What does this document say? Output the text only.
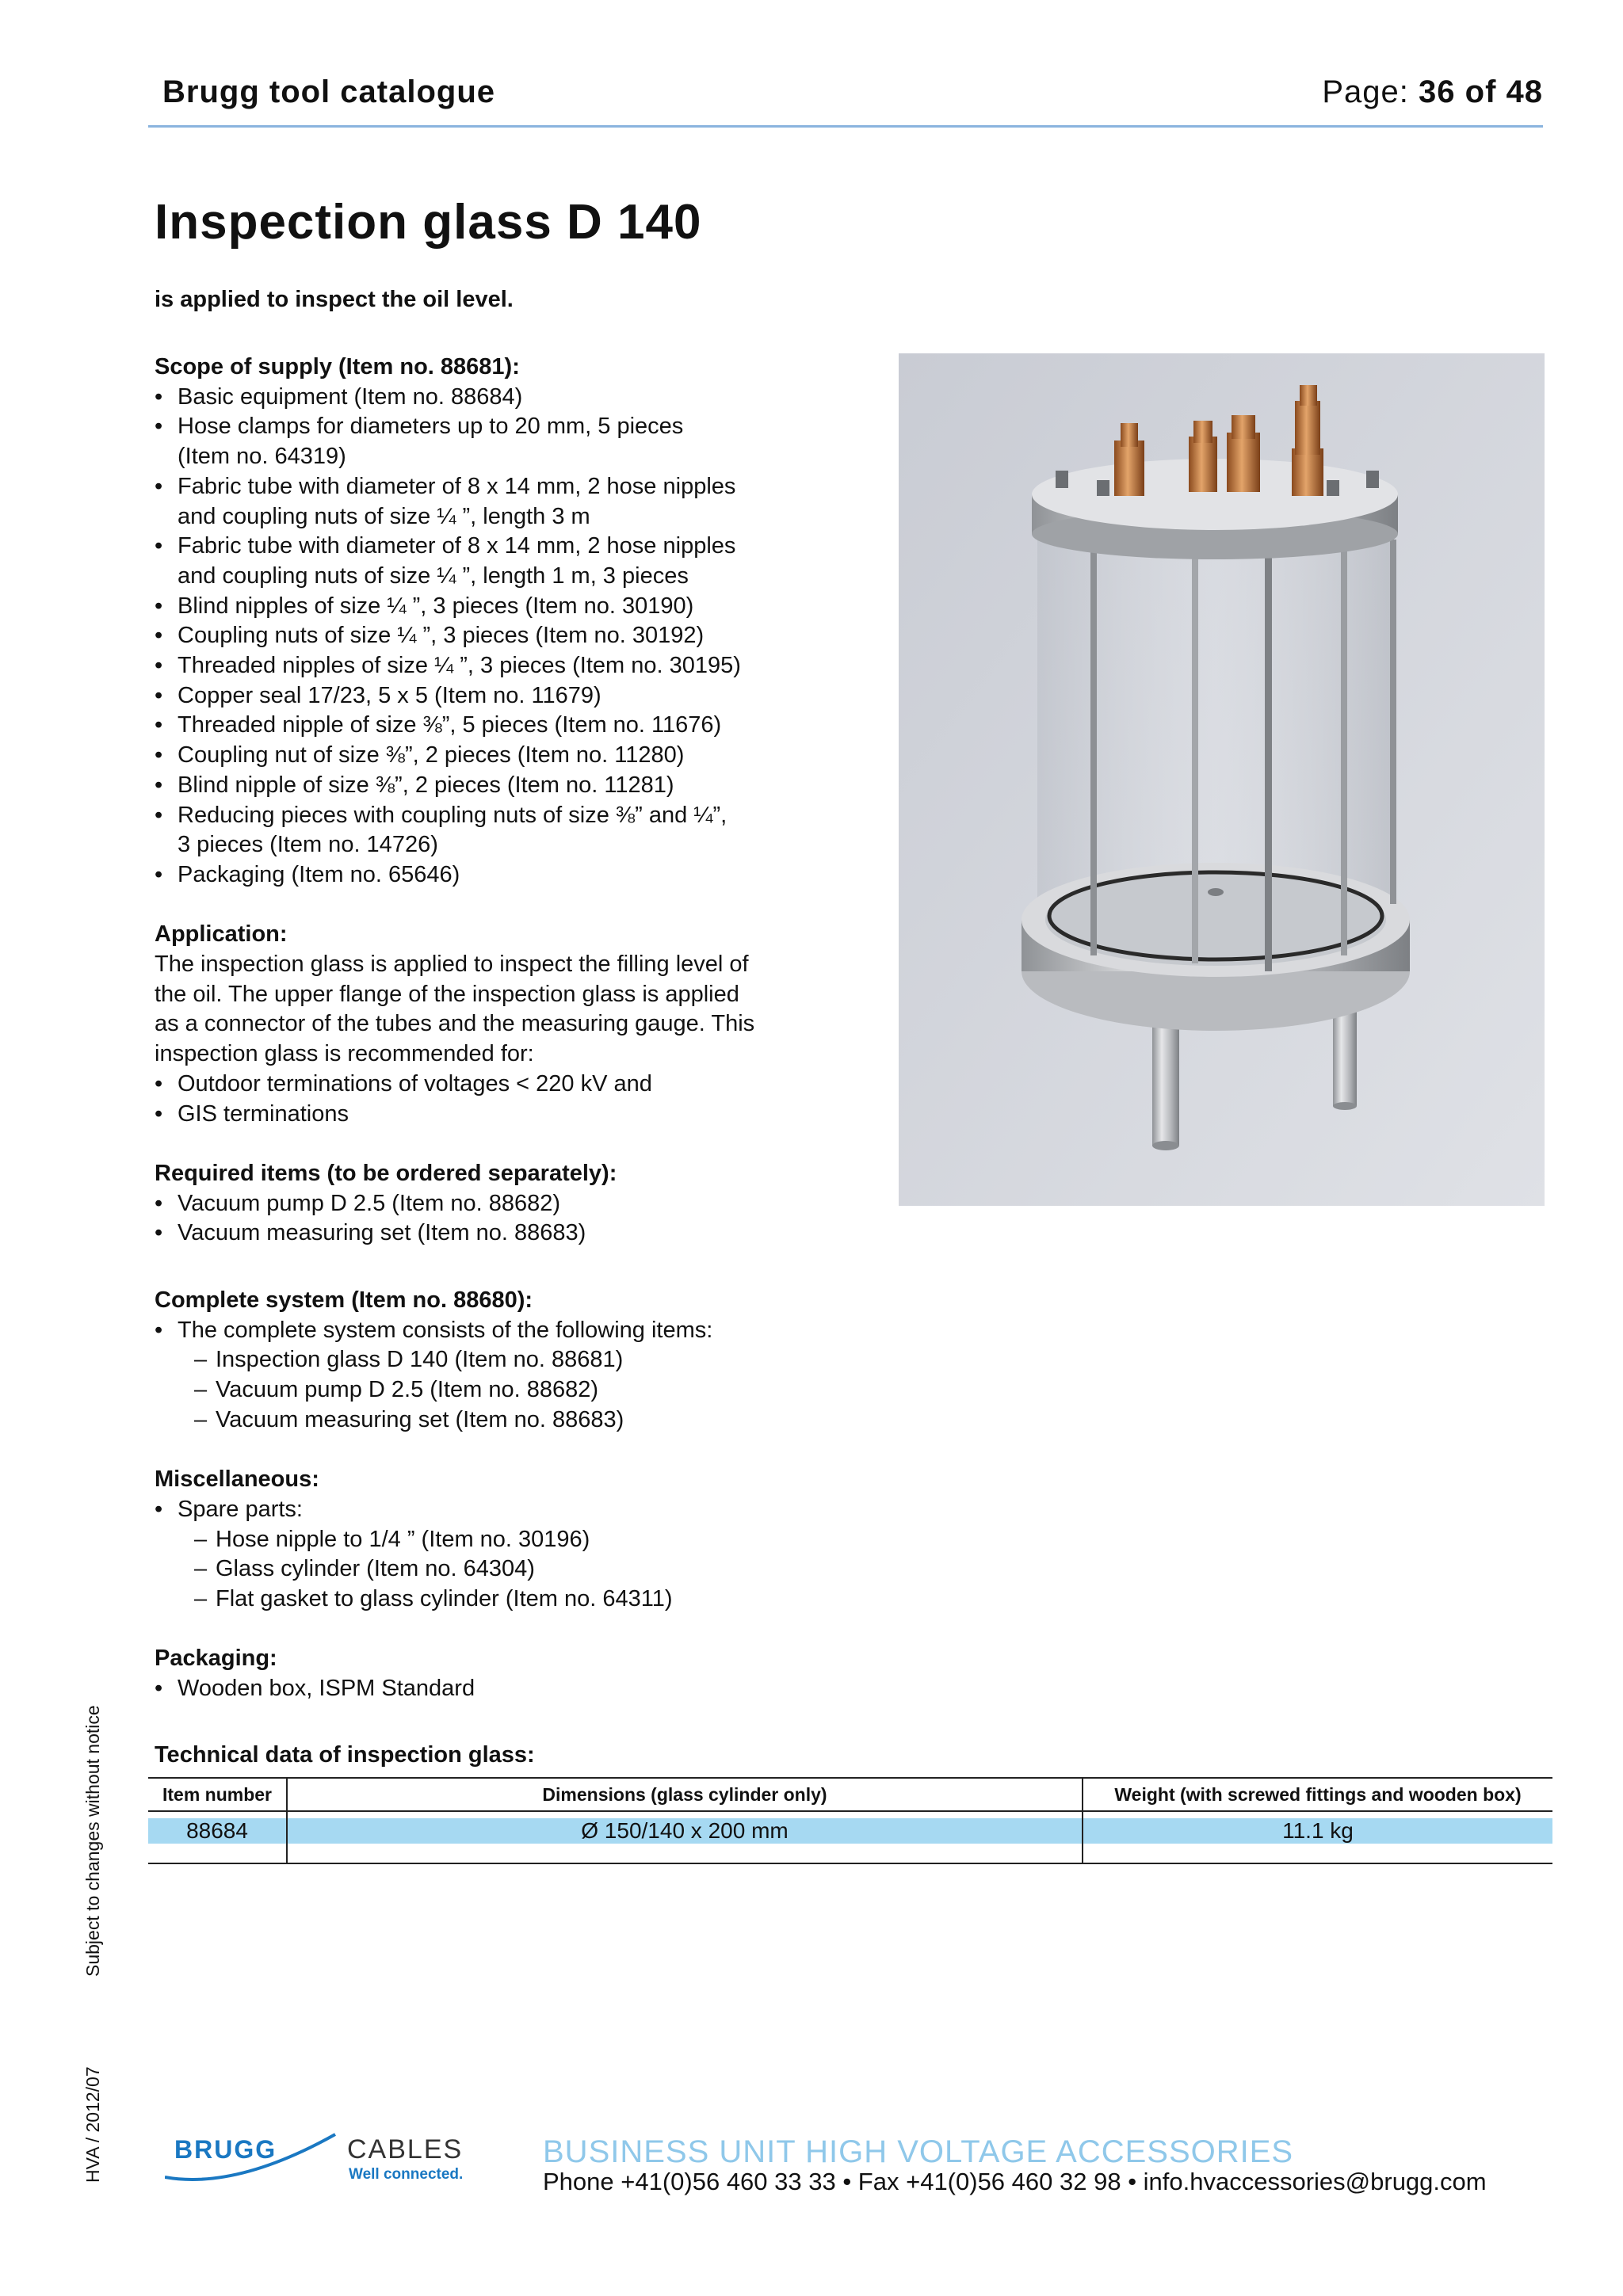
Brugg tool catalogue	Page: 36 of 48
Inspection glass D 140
is applied to inspect the oil level.
Scope of supply (Item no. 88681):
• Basic equipment (Item no. 88684)
• Hose clamps for diameters up to 20 mm, 5 pieces
(Item no. 64319)
• Fabric tube with diameter of 8 x 14 mm, 2 hose nipples
and coupling nuts of size ¼ ”, length 3 m
• Fabric tube with diameter of 8 x 14 mm, 2 hose nipples
and coupling nuts of size ¼ ”, length 1 m, 3 pieces
• Blind nipples of size ¼ ”, 3 pieces (Item no. 30190)
• Coupling nuts of size ¼ ”, 3 pieces (Item no. 30192)
• Threaded nipples of size ¼ ”, 3 pieces (Item no. 30195)
• Copper seal 17/23, 5 x 5 (Item no. 11679)
• Threaded nipple of size ⅜”, 5 pieces (Item no. 11676)
• Coupling nut of size ⅜”, 2 pieces (Item no. 11280)
• Blind nipple of size ⅜”, 2 pieces (Item no. 11281)
• Reducing pieces with coupling nuts of size ⅜” and ¼”,
3 pieces (Item no. 14726)
• Packaging (Item no. 65646)
Application:
The inspection glass is applied to inspect the filling level of
the oil. The upper flange of the inspection glass is applied
as a connector of the tubes and the measuring gauge. This
inspection glass is recommended for:
• Outdoor terminations of voltages < 220 kV and
• GIS terminations
Required items (to be ordered separately):
• Vacuum pump D 2.5 (Item no. 88682)
• Vacuum measuring set (Item no. 88683)
Complete system (Item no. 88680):
• The complete system consists of the following items:
– Inspection glass D 140 (Item no. 88681)
– Vacuum pump D 2.5 (Item no. 88682)
– Vacuum measuring set (Item no. 88683)
Miscellaneous:
• Spare parts:
– Hose nipple to 1/4 ” (Item no. 30196)
– Glass cylinder (Item no. 64304)
– Flat gasket to glass cylinder (Item no. 64311)
Packaging:
• Wooden box, ISPM Standard
Technical data of inspection glass:
Item number	Dimensions (glass cylinder only)	Weight (with screwed fittings and wooden box)

88684	Ø 150/140 x 200 mm	11.1 kg

Subject to changes without notice
HVA / 2012/07	BRUGG	CABLES
Well connected.
BUSINESS UNIT HIGH VOLTAGE ACCESSORIES
Phone +41(0)56 460 33 33 • Fax +41(0)56 460 32 98 • info.hvaccessories@brugg.com
